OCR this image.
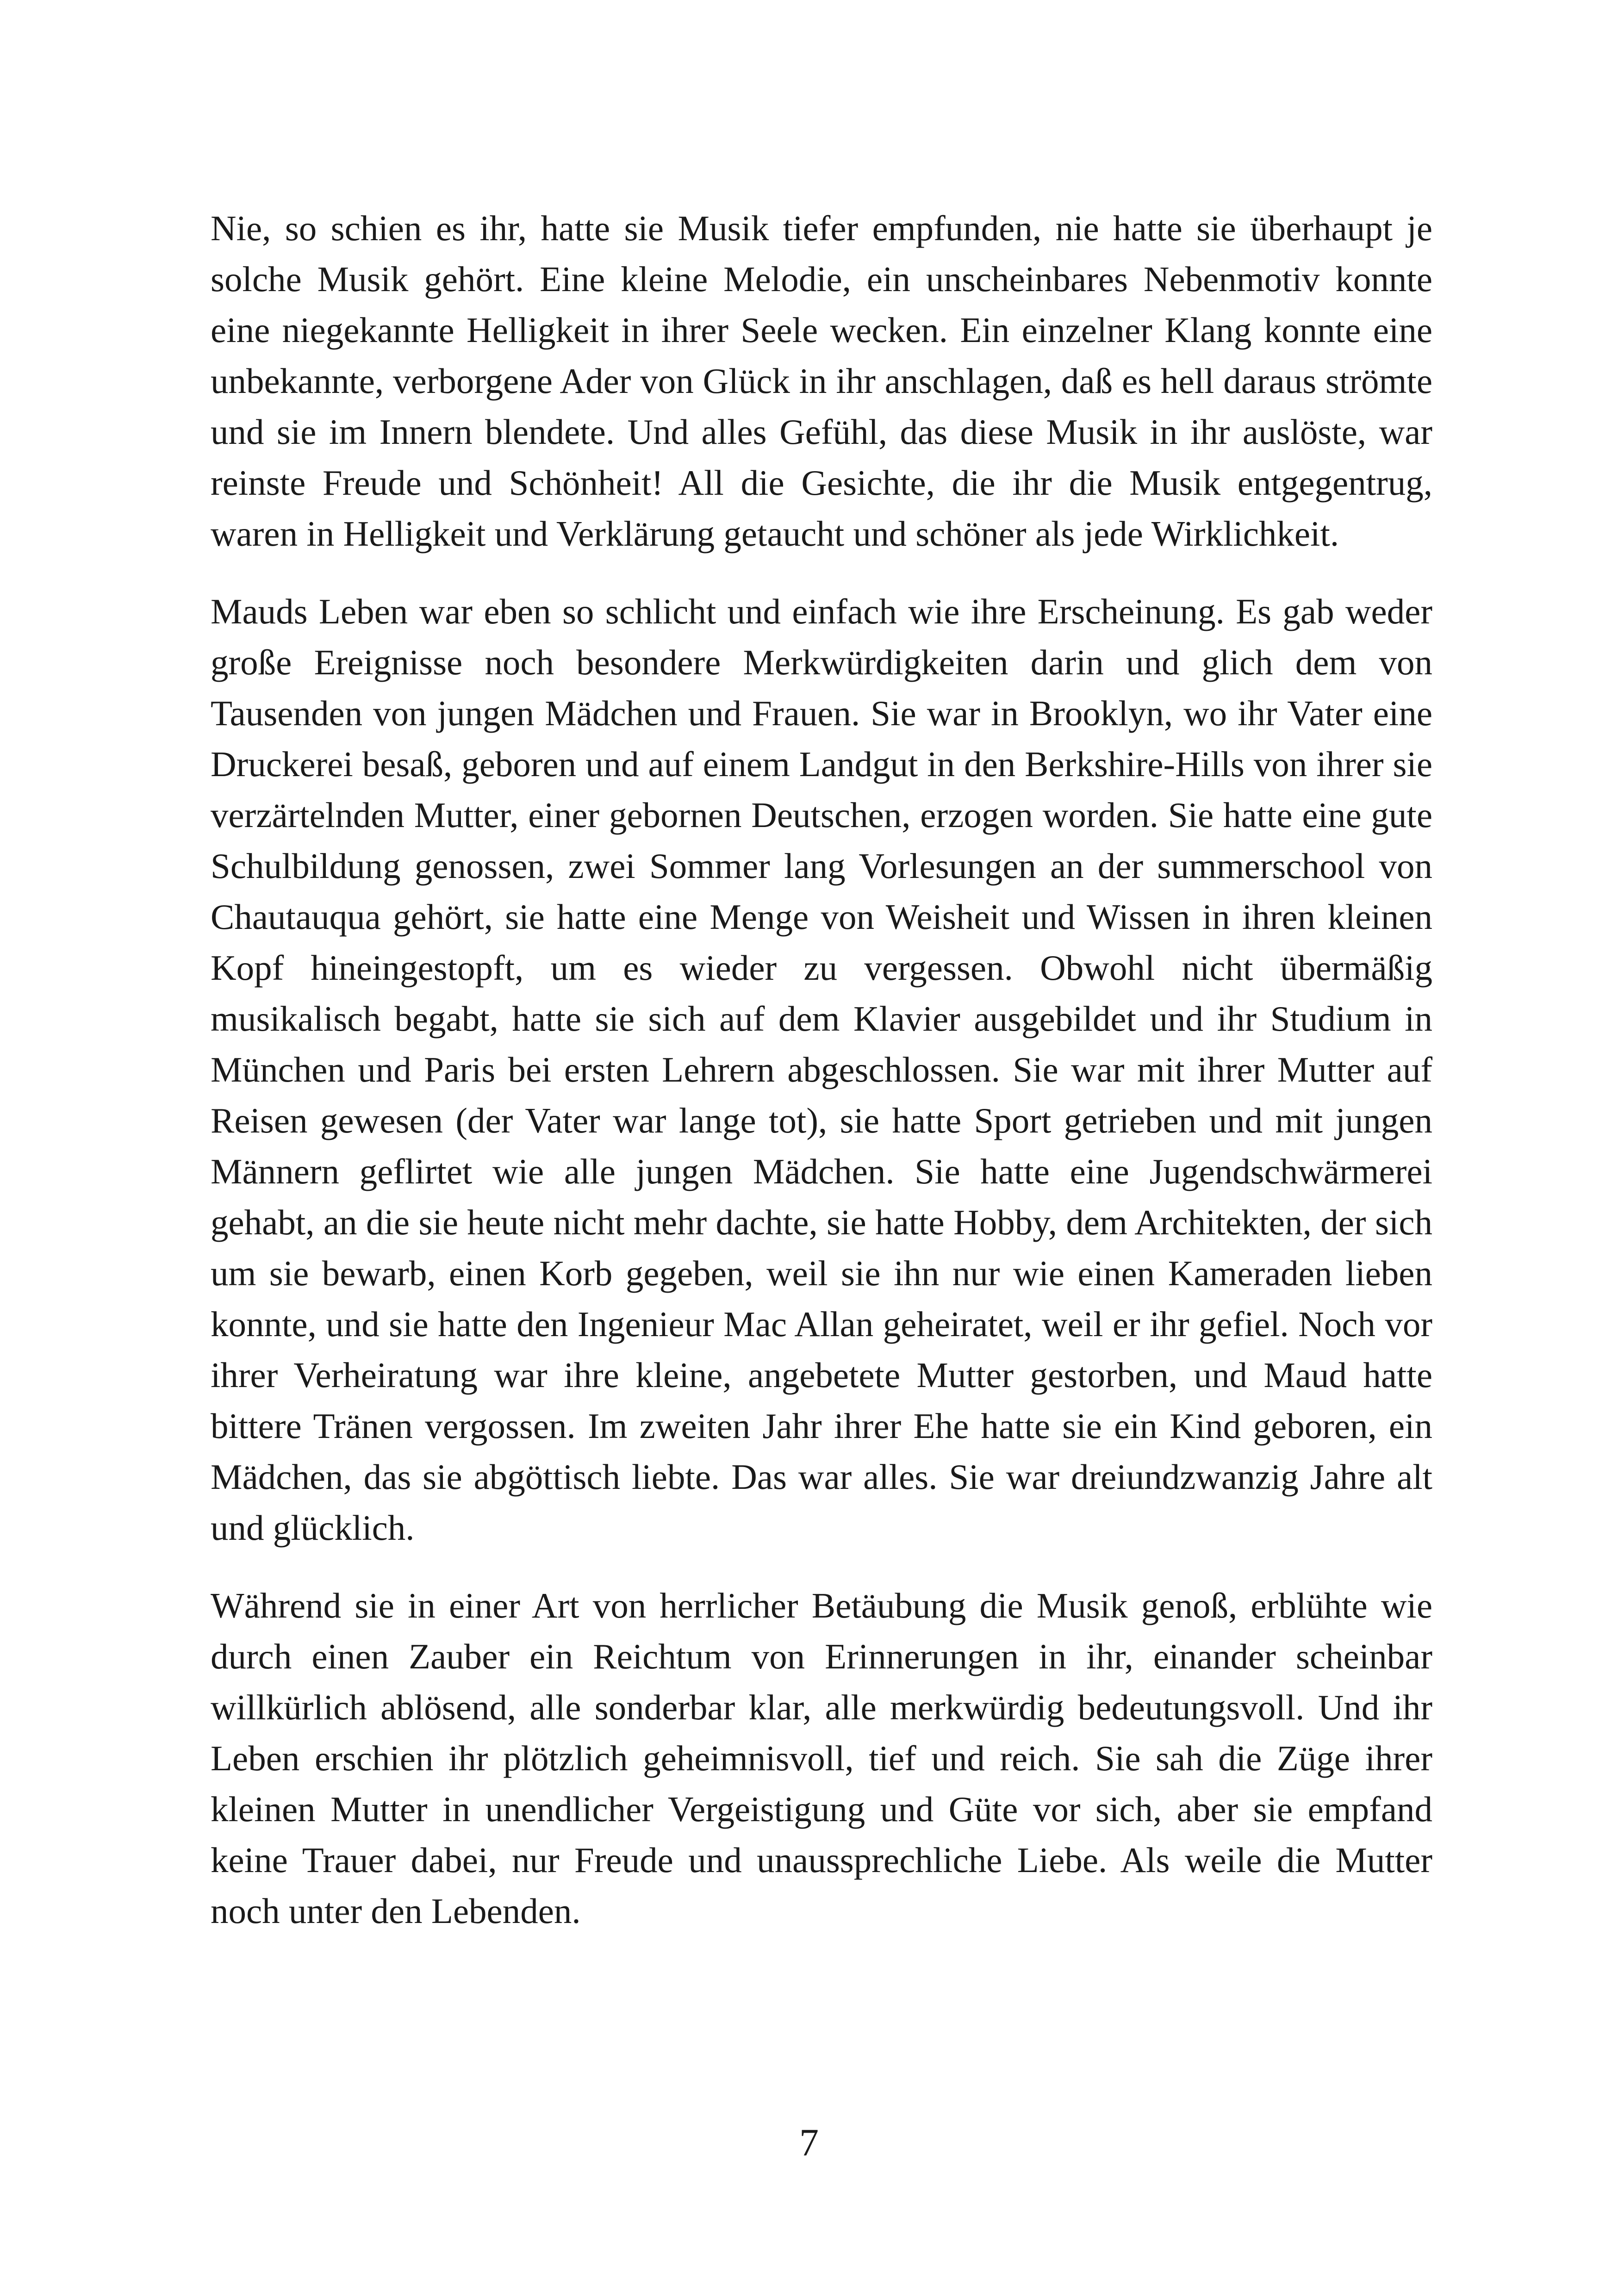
Nie, so schien es ihr, hatte sie Musik tiefer empfunden, nie hatte sie überhaupt je solche Musik gehört. Eine kleine Melodie, ein unscheinbares Nebenmotiv konnte eine niegekannte Helligkeit in ihrer Seele wecken. Ein einzelner Klang konnte eine unbekannte, verborgene Ader von Glück in ihr anschlagen, daß es hell daraus strömte und sie im Innern blendete. Und alles Gefühl, das diese Musik in ihr auslöste, war reinste Freude und Schönheit! All die Gesichte, die ihr die Musik entgegentrug, waren in Helligkeit und Verklärung getaucht und schöner als jede Wirklichkeit.

Mauds Leben war eben so schlicht und einfach wie ihre Erscheinung. Es gab weder große Ereignisse noch besondere Merkwürdigkeiten darin und glich dem von Tausenden von jungen Mädchen und Frauen. Sie war in Brooklyn, wo ihr Vater eine Druckerei besaß, geboren und auf einem Landgut in den Berkshire-Hills von ihrer sie verzärtelnden Mutter, einer gebornen Deutschen, erzogen worden. Sie hatte eine gute Schulbildung genossen, zwei Sommer lang Vorlesungen an der summerschool von Chautauqua gehört, sie hatte eine Menge von Weisheit und Wissen in ihren kleinen Kopf hineingestopft, um es wieder zu vergessen. Obwohl nicht übermäßig musikalisch begabt, hatte sie sich auf dem Klavier ausgebildet und ihr Studium in München und Paris bei ersten Lehrern abgeschlossen. Sie war mit ihrer Mutter auf Reisen gewesen (der Vater war lange tot), sie hatte Sport getrieben und mit jungen Männern geflirtet wie alle jungen Mädchen. Sie hatte eine Jugendschwärmerei gehabt, an die sie heute nicht mehr dachte, sie hatte Hobby, dem Architekten, der sich um sie bewarb, einen Korb gegeben, weil sie ihn nur wie einen Kameraden lieben konnte, und sie hatte den Ingenieur Mac Allan geheiratet, weil er ihr gefiel. Noch vor ihrer Verheiratung war ihre kleine, angebetete Mutter gestorben, und Maud hatte bittere Tränen vergossen. Im zweiten Jahr ihrer Ehe hatte sie ein Kind geboren, ein Mädchen, das sie abgöttisch liebte. Das war alles. Sie war dreiundzwanzig Jahre alt und glücklich.

Während sie in einer Art von herrlicher Betäubung die Musik genoß, erblühte wie durch einen Zauber ein Reichtum von Erinnerungen in ihr, einander scheinbar willkürlich ablösend, alle sonderbar klar, alle merkwürdig bedeutungsvoll. Und ihr Leben erschien ihr plötzlich geheimnisvoll, tief und reich. Sie sah die Züge ihrer kleinen Mutter in unendlicher Vergeistigung und Güte vor sich, aber sie empfand keine Trauer dabei, nur Freude und unaussprechliche Liebe. Als weile die Mutter noch unter den Lebenden.

7
